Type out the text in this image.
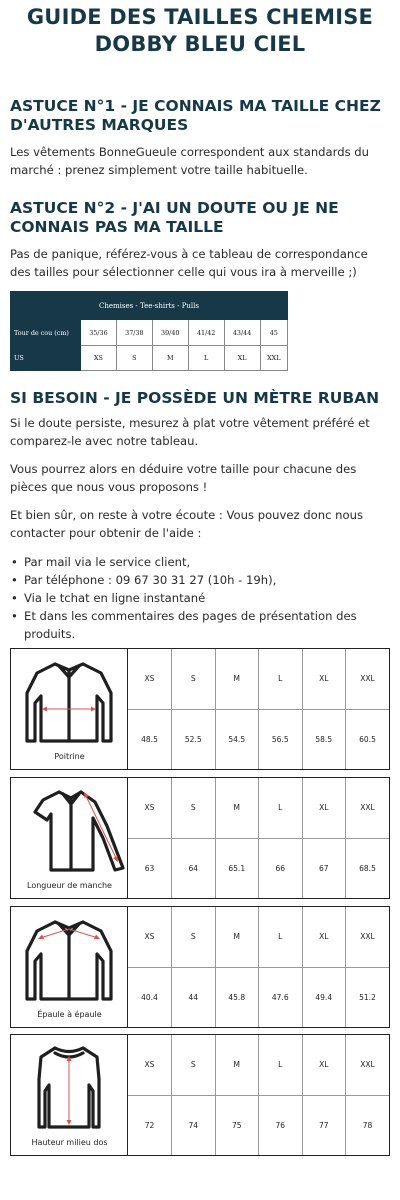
GUIDE DES TAILLES CHEMISE
DOBBY BLEU CIEL
ASTUCE N°1 - JE CONNAIS MA TAILLE CHEZ
D'AUTRES MARQUES
Les vêtements BonneGueule correspondent aux standards du
marché : prenez simplement votre taille habituelle.
ASTUCE N°2 - J'AI UN DOUTE OU JE NE
CONNAIS PAS MA TAILLE
Pas de panique, référez-vous à ce tableau de correspondance
des tailles pour sélectionner celle qui vous ira à merveille ;)
Chemises - Tee-shirts - Pulls						
Tour de cou (cm)	35/36	37/38	39/40	41/42	43/44	45
US	XS	S	M	L	XL	XXL
SI BESOIN - JE POSSÈDE UN MÈTRE RUBAN
Si le doute persiste, mesurez à plat votre vêtement préféré et
comparez-le avec notre tableau.
Vous pourrez alors en déduire votre taille pour chacune des
pièces que nous vous proposons !
Et bien sûr, on reste à votre écoute : Vous pouvez donc nous
contacter pour obtenir de l'aide :
• Par mail via le service client,
• Par téléphone : 09 67 30 31 27 (10h - 19h),
• Via le tchat en ligne instantané
• Et dans les commentaires des pages de présentation des
produits.
Poitrine
XS	S	M	L	XL	XXL
48.5	52.5	54.5	56.5	58.5	60.5
Longueur de manche
XS	S	M	L	XL	XXL
63	64	65.1	66	67	68.5
Épaule à épaule
XS	S	M	L	XL	XXL
40.4	44	45.8	47.6	49.4	51.2
Hauteur milieu dos
XS	S	M	L	XL	XXL
72	74	75	76	77	78
